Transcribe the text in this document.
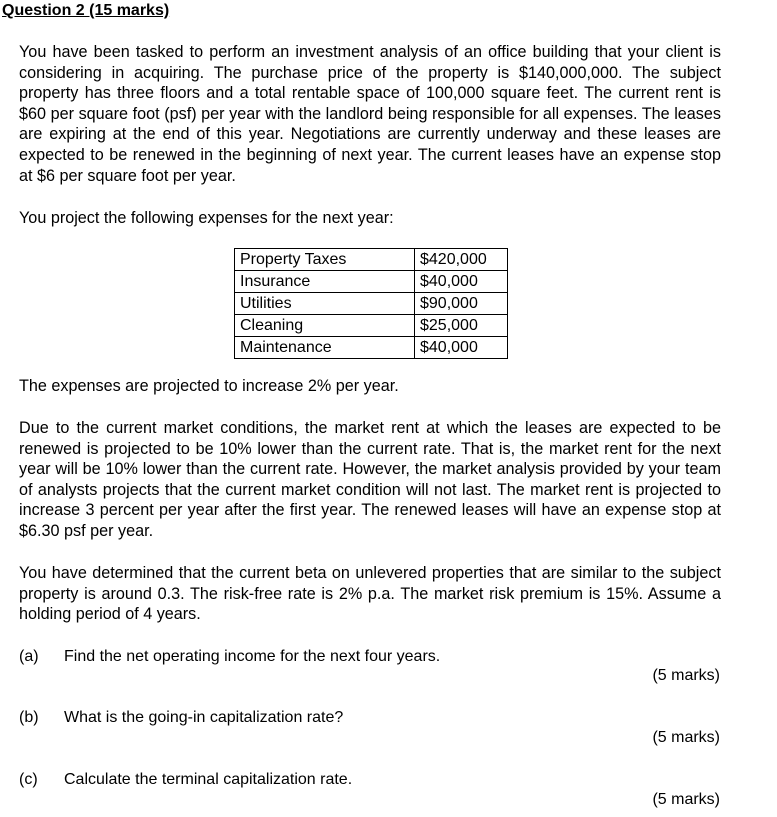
Question 2 (15 marks)

You have been tasked to perform an investment analysis of an office building that your client is considering in acquiring. The purchase price of the property is $140,000,000. The subject property has three floors and a total rentable space of 100,000 square feet. The current rent is $60 per square foot (psf) per year with the landlord being responsible for all expenses. The leases are expiring at the end of this year. Negotiations are currently underway and these leases are expected to be renewed in the beginning of next year. The current leases have an expense stop at $6 per square foot per year.

You project the following expenses for the next year:

Property Taxes	$420,000
Insurance	$40,000
Utilities	$90,000
Cleaning	$25,000
Maintenance	$40,000

The expenses are projected to increase 2% per year.

Due to the current market conditions, the market rent at which the leases are expected to be renewed is projected to be 10% lower than the current rate. That is, the market rent for the next year will be 10% lower than the current rate. However, the market analysis provided by your team of analysts projects that the current market condition will not last. The market rent is projected to increase 3 percent per year after the first year. The renewed leases will have an expense stop at $6.30 psf per year.

You have determined that the current beta on unlevered properties that are similar to the subject property is around 0.3. The risk-free rate is 2% p.a. The market risk premium is 15%. Assume a holding period of 4 years.

(a) Find the net operating income for the next four years.
(5 marks)
(b) What is the going-in capitalization rate?
(5 marks)
(c) Calculate the terminal capitalization rate.
(5 marks)
